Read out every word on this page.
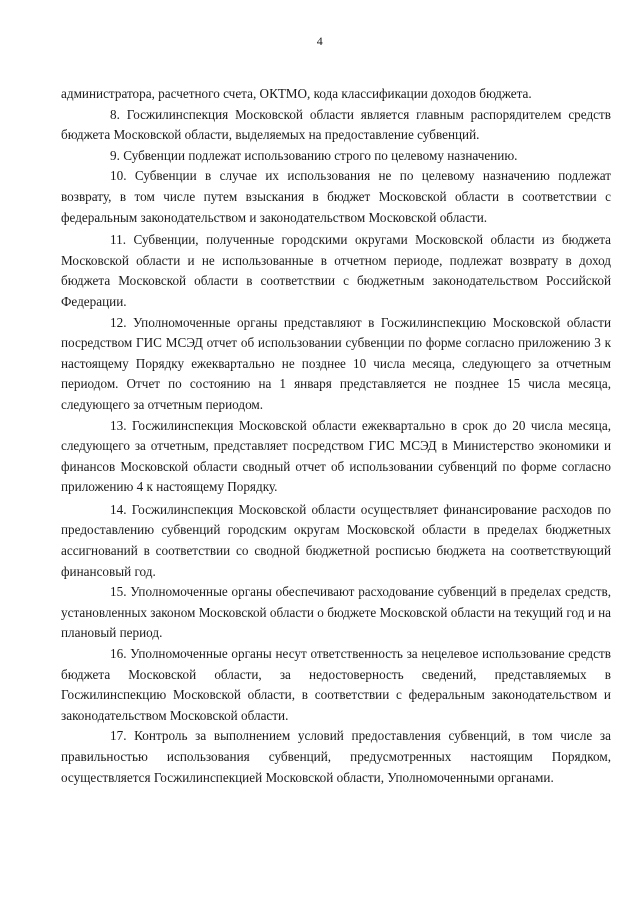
4

администратора, расчетного счета, ОКТМО, кода классификации доходов бюджета.

8. Госжилинспекция Московской области является главным распорядителем средств бюджета Московской области, выделяемых на предоставление субвенций.

9. Субвенции подлежат использованию строго по целевому назначению.

10. Субвенции в случае их использования не по целевому назначению подлежат возврату, в том числе путем взыскания в бюджет Московской области в соответствии с федеральным законодательством и законодательством Московской области.

11. Субвенции, полученные городскими округами Московской области из бюджета Московской области и не использованные в отчетном периоде, подлежат возврату в доход бюджета Московской области в соответствии с бюджетным законодательством Российской Федерации.

12. Уполномоченные органы представляют в Госжилинспекцию Московской области посредством ГИС МСЭД отчет об использовании субвенции по форме согласно приложению 3 к настоящему Порядку ежеквартально не позднее 10 числа месяца, следующего за отчетным периодом. Отчет по состоянию на 1 января представляется не позднее 15 числа месяца, следующего за отчетным периодом.

13. Госжилинспекция Московской области ежеквартально в срок до 20 числа месяца, следующего за отчетным, представляет посредством ГИС МСЭД в Министерство экономики и финансов Московской области сводный отчет об использовании субвенций по форме согласно приложению 4 к настоящему Порядку.

14. Госжилинспекция Московской области осуществляет финансирование расходов по предоставлению субвенций городским округам Московской области в пределах бюджетных ассигнований в соответствии со сводной бюджетной росписью бюджета на соответствующий финансовый год.

15. Уполномоченные органы обеспечивают расходование субвенций в пределах средств, установленных законом Московской области о бюджете Московской области на текущий год и на плановый период.

16. Уполномоченные органы несут ответственность за нецелевое использование средств бюджета Московской области, за недостоверность сведений, представляемых в Госжилинспекцию Московской области, в соответствии с федеральным законодательством и законодательством Московской области.

17. Контроль за выполнением условий предоставления субвенций, в том числе за правильностью использования субвенций, предусмотренных настоящим Порядком, осуществляется Госжилинспекцией Московской области, Уполномоченными органами.
